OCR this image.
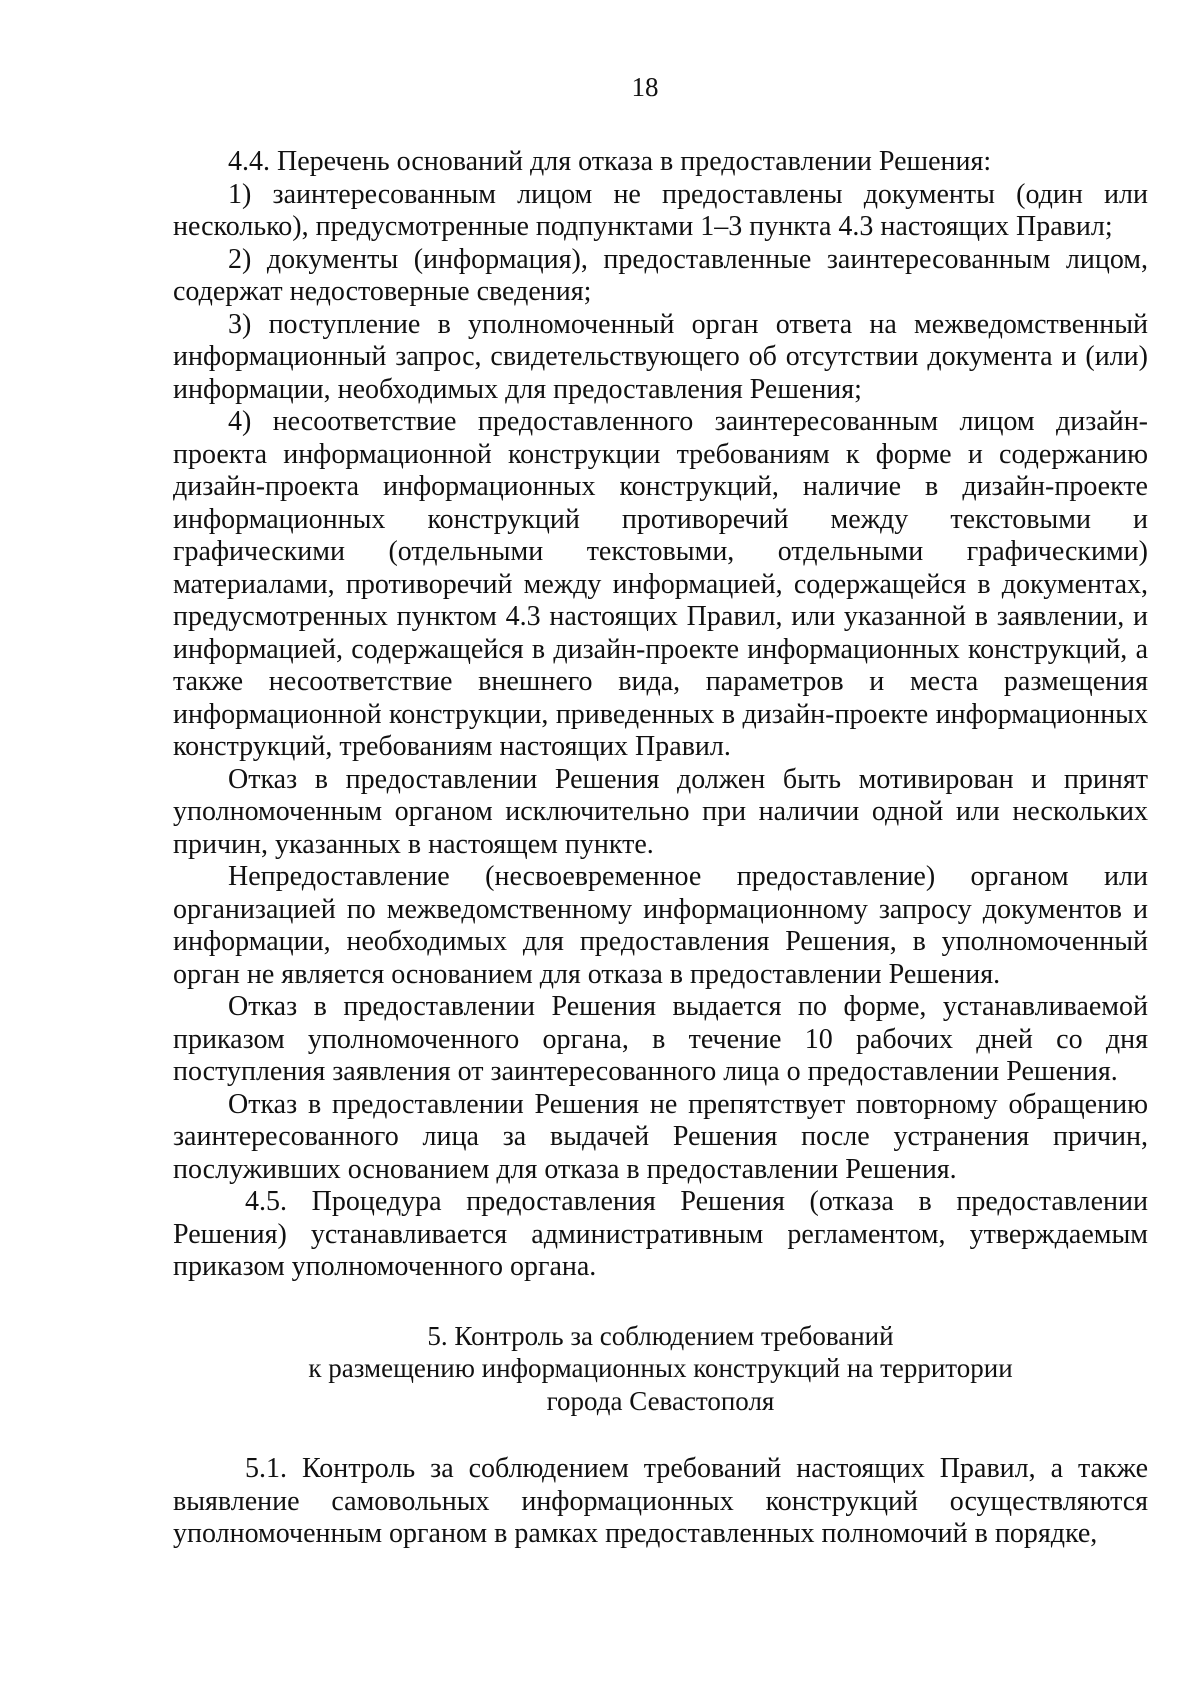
18

4.4. Перечень оснований для отказа в предоставлении Решения:

1) заинтересованным лицом не предоставлены документы (один или несколько), предусмотренные подпунктами 1–3 пункта 4.3 настоящих Правил;

2) документы (информация), предоставленные заинтересованным лицом, содержат недостоверные сведения;

3) поступление в уполномоченный орган ответа на межведомственный информационный запрос, свидетельствующего об отсутствии документа и (или) информации, необходимых для предоставления Решения;

4) несоответствие предоставленного заинтересованным лицом дизайн-проекта информационной конструкции требованиям к форме и содержанию дизайн-проекта информационных конструкций, наличие в дизайн-проекте информационных конструкций противоречий между текстовыми и графическими (отдельными текстовыми, отдельными графическими) материалами, противоречий между информацией, содержащейся в документах, предусмотренных пунктом 4.3 настоящих Правил, или указанной в заявлении, и информацией, содержащейся в дизайн-проекте информационных конструкций, а также несоответствие внешнего вида, параметров и места размещения информационной конструкции, приведенных в дизайн-проекте информационных конструкций, требованиям настоящих Правил.

Отказ в предоставлении Решения должен быть мотивирован и принят уполномоченным органом исключительно при наличии одной или нескольких причин, указанных в настоящем пункте.

Непредоставление (несвоевременное предоставление) органом или организацией по межведомственному информационному запросу документов и информации, необходимых для предоставления Решения, в уполномоченный орган не является основанием для отказа в предоставлении Решения.

Отказ в предоставлении Решения выдается по форме, устанавливаемой приказом уполномоченного органа, в течение 10 рабочих дней со дня поступления заявления от заинтересованного лица о предоставлении Решения.

Отказ в предоставлении Решения не препятствует повторному обращению заинтересованного лица за выдачей Решения после устранения причин, послуживших основанием для отказа в предоставлении Решения.

4.5. Процедура предоставления Решения (отказа в предоставлении Решения) устанавливается административным регламентом, утверждаемым приказом уполномоченного органа.

5. Контроль за соблюдением требований
к размещению информационных конструкций на территории
города Севастополя

5.1. Контроль за соблюдением требований настоящих Правил, а также выявление самовольных информационных конструкций осуществляются уполномоченным органом в рамках предоставленных полномочий в порядке,
